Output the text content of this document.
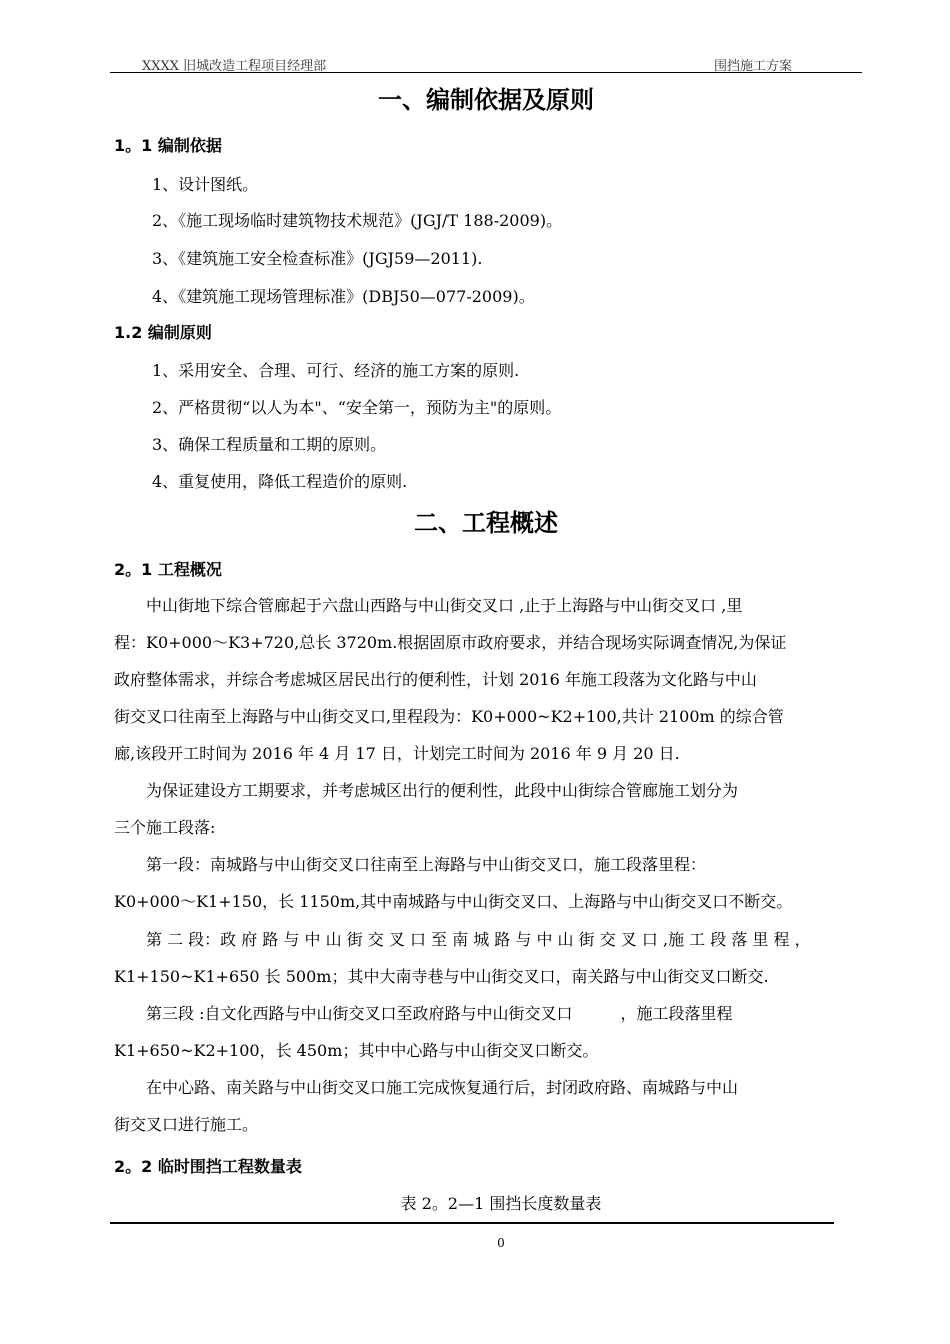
XXXX 旧城改造工程项目经理部	围挡施工方案
一、编制依据及原则
1。1 编制依据
1、设计图纸。
2、《施工现场临时建筑物技术规范》(JGJ/T 188-2009)。
3、《建筑施工安全检查标准》(JGJ59—2011).
4、《建筑施工现场管理标准》(DBJ50—077-2009)。
1.2 编制原则
1、采用安全、合理、可行、经济的施工方案的原则.
2、严格贯彻“以人为本"、“安全第一，预防为主"的原则。
3、确保工程质量和工期的原则。
4、重复使用，降低工程造价的原则.
二、工程概述
2。1 工程概况
　　中山街地下综合管廊起于六盘山西路与中山街交叉口 ,止于上海路与中山街交叉口 ,里
程：K0+000～K3+720,总长 3720m.根据固原市政府要求，并结合现场实际调查情况,为保证
政府整体需求，并综合考虑城区居民出行的便利性，计划 2016 年施工段落为文化路与中山
街交叉口往南至上海路与中山街交叉口,里程段为：K0+000~K2+100,共计 2100m 的综合管
廊,该段开工时间为 2016 年 4 月 17 日，计划完工时间为 2016 年 9 月 20 日.
　　为保证建设方工期要求，并考虑城区出行的便利性，此段中山街综合管廊施工划分为
三个施工段落:
　　第一段：南城路与中山街交叉口往南至上海路与中山街交叉口，施工段落里程：
K0+000～K1+150，长 1150m,其中南城路与中山街交叉口、上海路与中山街交叉口不断交。
　　第 二 段：政 府 路 与 中 山 街 交 叉 口 至 南 城 路 与 中 山 街 交 叉 口 ,施 工 段 落 里 程 ，
K1+150~K1+650 长 500m；其中大南寺巷与中山街交叉口，南关路与中山街交叉口断交.
　　第三段 :自文化西路与中山街交叉口至政府路与中山街交叉口　　　，施工段落里程
K1+650~K2+100，长 450m；其中中心路与中山街交叉口断交。
　　在中心路、南关路与中山街交叉口施工完成恢复通行后，封闭政府路、南城路与中山
街交叉口进行施工。
2。2 临时围挡工程数量表
表 2。2—1 围挡长度数量表
0
